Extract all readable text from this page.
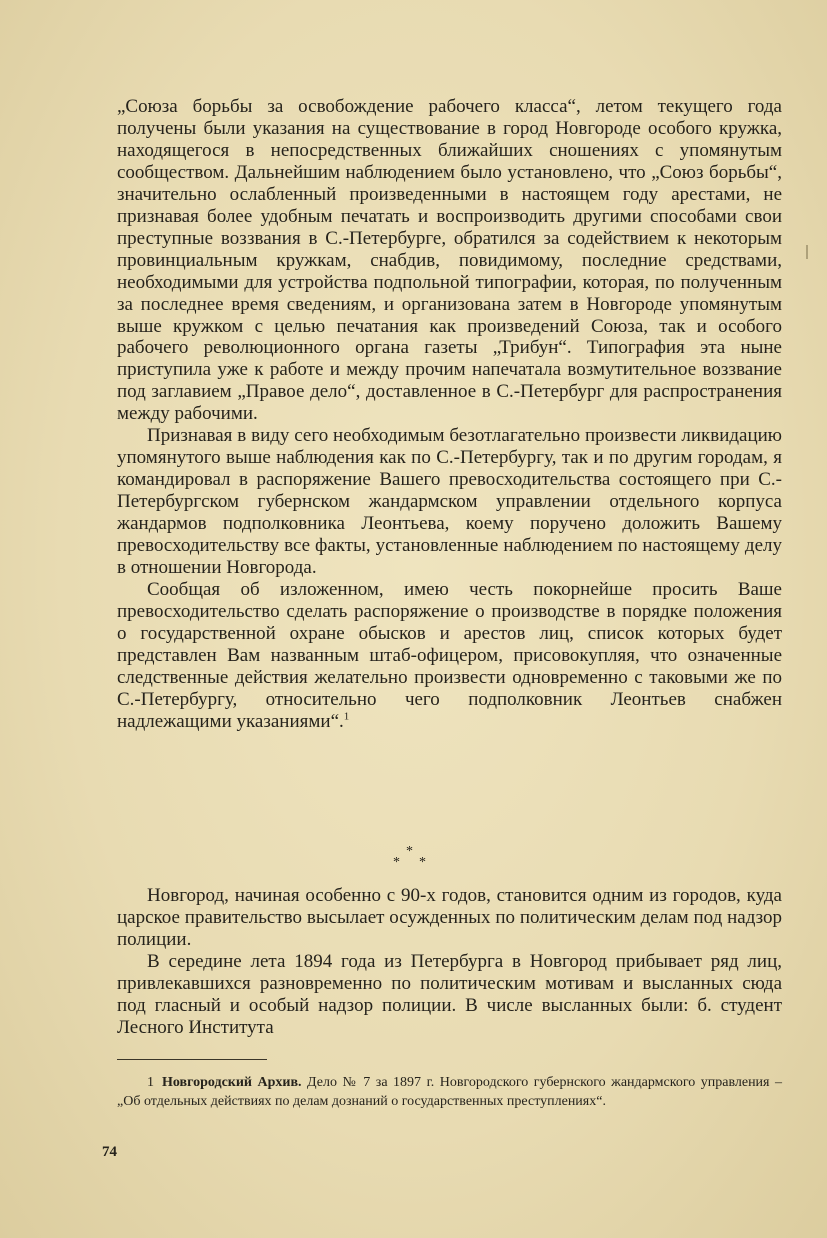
„Союза борьбы за освобождение рабочего класса“, летом текущего года получены были указания на существование в город Новгороде особого кружка, находящегося в непосредственных ближайших сношениях с упомянутым сообществом. Дальнейшим наблюдением было установлено, что „Союз борьбы“, значительно ослабленный произведенными в настоящем году арестами, не признавая более удобным печатать и воспроизводить другими способами свои преступные воззвания в С.-Петербурге, обратился за содействием к некоторым провинциальным кружкам, снабдив, повидимому, последние средствами, необходимыми для устройства подпольной типографии, которая, по полученным за последнее время сведениям, и организована затем в Новгороде упомянутым выше кружком с целью печатания как произведений Союза, так и особого рабочего революционного органа газеты „Трибун“. Типография эта ныне приступила уже к работе и между прочим напечатала возмутительное воззвание под заглавием „Правое дело“, доставленное в С.-Петербург для распространения между рабочими.

Признавая в виду сего необходимым безотлагательно произвести ликвидацию упомянутого выше наблюдения как по С.-Петербургу, так и по другим городам, я командировал в распоряжение Вашего превосходительства состоящего при С.-Петербургском губернском жандармском управлении отдельного корпуса жандармов подполковника Леонтьева, коему поручено доложить Вашему превосходительству все факты, установленные наблюдением по настоящему делу в отношении Новгорода.

Сообщая об изложенном, имею честь покорнейше просить Ваше превосходительство сделать распоряжение о производстве в порядке положения о государственной охране обысков и арестов лиц, список которых будет представлен Вам названным штаб-офицером, присовокупляя, что означенные следственные действия желательно произвести одновременно с таковыми же по С.-Петербургу, относительно чего подполковник Леонтьев снабжен надлежащими указаниями“.$^1$

*
* *

Новгород, начиная особенно с 90-х годов, становится одним из городов, куда царское правительство высылает осужденных по политическим делам под надзор полиции.

В середине лета 1894 года из Петербурга в Новгород прибывает ряд лиц, привлекавшихся разновременно по политическим мотивам и высланных сюда под гласный и особый надзор полиции. В числе высланных были: б. студент Лесного Института

1 Новгородский Архив. Дело № 7 за 1897 г. Новгородского губернского жандармского управления – „Об отдельных действиях по делам дознаний о государственных преступлениях“.
74
